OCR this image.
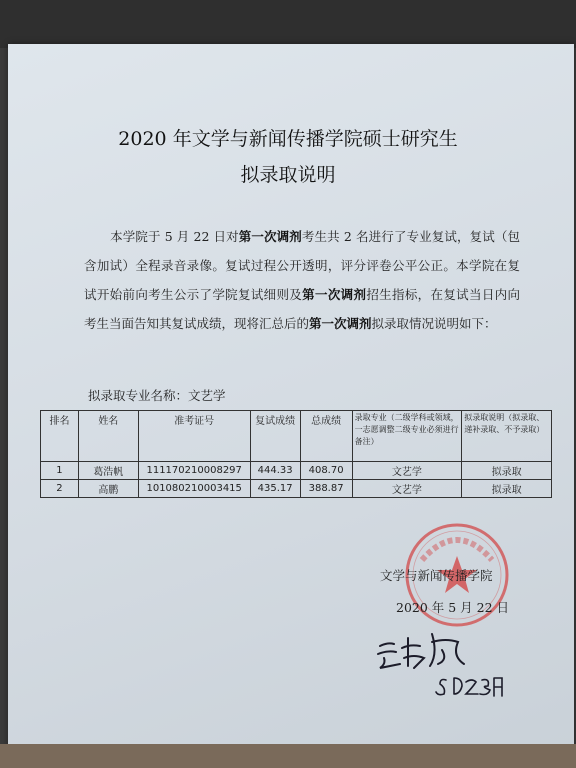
2020 年文学与新闻传播学院硕士研究生
拟录取说明
本学院于 5 月 22 日对第一次调剂考生共 2 名进行了专业复试，复试（包含加试）全程录音录像。复试过程公开透明，评分评卷公平公正。本学院在复试开始前向考生公示了学院复试细则及第一次调剂招生指标，在复试当日内向考生当面告知其复试成绩，现将汇总后的第一次调剂拟录取情况说明如下：
拟录取专业名称：文艺学
排名	姓名	准考证号	复试成绩	总成绩	录取专业（二级学科或领域，一志愿调整二级专业必须进行备注）	拟录取说明（拟录取、递补录取、不予录取）
1	葛浩帆	111170210008297	444.33	408.70	文艺学	拟录取
2	高鹏	101080210003415	435.17	388.87	文艺学	拟录取
文学与新闻传播学院
2020 年 5 月 22 日
